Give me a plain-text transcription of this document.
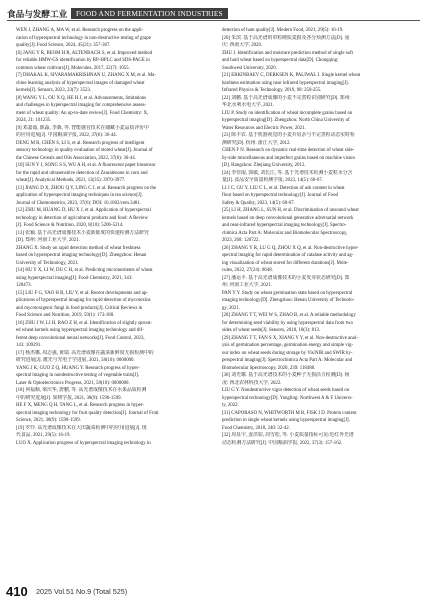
食品与发酵工业	FOOD AND FERMENTATION INDUSTRIES
WEN J, ZHANG A, MA W, et al. Research progress on the appli-
cation of hyperspectral technology in non-destructive testing of grape
quality[J]. Food Science, 2024, 45(21): 357-367.
[6] JANG Y R, BEOM H R, ALTENBACH S, et al. Improved method
for reliable HMW-GS identification by RP-HPLC and SDS-PAGE in
common wheat cultivars[J]. Molecules, 2017, 22(7): 1055.
[7] DHAKAL K, SIVARAMAKRISHNAN U, ZHANG X M, et al. Ma-
chine learning analysis of hyperspectral images of damaged wheat
kernels[J]. Sensors, 2023, 23(7): 3523.
[8] WANG Y L, OU X Q, HE H J, et al. Advancements, limitations
and challenges in hyperspectral imaging for comprehensive assess-
ment of wheat quality: An up-to-date review[J]. Food Chemistry: X,
2024, 21: 101235.
[9] 邓嘉茹, 陈淼, 李森, 等. 智能感官技术在储藏小麦品质评价中
的应用进展[J]. 中国粮油学报, 2022, 37(6): 36-44.
DENG M R, CHEN S, LI S, et al. Research progress of intelligent
sensory technology in quality evaluation of stored wheat[J]. Journal of
the Chinese Cereals and Oils Association, 2022, 37(6): 36-44.
[10] SUN Y J, SONG S S, WU A H, et al. A fluorescent paper biosensor
for the rapid and ultrasensitive detection of Zearalenone in corn and
wheat[J]. Analytical Methods, 2021, 13(35): 3970-3977.
[11] JIANG D X, ZHOU Q Y, LING C J, et al. Research progress on the
application of hyperspectral imaging techniques in tea science[J].
Journal of Chemometrics, 2023, 37(6): DOI: 10.1002/cem.3481.
[12] ZHU M, HUANG D, HU X J, et al. Application of hyperspectral
technology in detection of agricultural products and food: A Review
[J]. Food Science & Nutrition, 2020, 8(10): 5206-5214.
[13] 张颖. 基于高光谱成像技术小麦新陈度的快速检测方法研究
[D]. 郑州: 河南工业大学, 2021.
ZHANG X. Study on rapid detection method of wheat freshness
based on hyperspectral imaging technology[D]. Zhengzhou: Henan
University of Technology, 2021.
[14] HU Y X, LI W, DU C H, et al. Predicting micronutrients of wheat
using hyperspectral imaging[J]. Food Chemistry, 2021, 343:
128473.
[15] LIU F G, YAO H B, LIU Y, et al. Recent developments and ap-
plications of hyperspectral imaging for rapid detection of mycotoxins
and mycotoxigenic fungi in food products[J]. Critical Reviews in
Food Science and Nutrition, 2019, 59(1): 173-180.
[16] ZHU J W, LI H, RAO Z H, et al. Identification of slightly sprout-
ed wheat kernels using hyperspectral imaging technology and dif-
ferent deep convolutional neural networks[J]. Food Control, 2023,
143: 109291.
[17] 杨杰娜, 周志强, 黄瑞. 高光谱成像在蔬菜新鲜度无损检测中的
研究进展[J]. 激光与光电子学进展, 2021, 58(10): 0000000.
YANG J K, GUO Z Q, HUANG Y. Research progress of hyper-
spectral imaging in nondestructive testing of vegetable traits[J].
Laser & Optoelectronics Progress, 2021, 58(10): 0000000.
[18] 何福顺, 梁庆华, 唐鹏, 等. 高光谱成像技术在水果品质检测
中的研究进展[J]. 果树学报, 2021, 38(9): 1590-1599.
HE F X, MENG Q H, TANG L, et al. Research progress in hyper-
spectral imaging technology for fruit quality detection[J]. Journal of Fruit
Science, 2021, 38(9): 1590-1599.
[19] 罗玲. 高光谱成像技术在大田蔬菜检测中的应用进展[J]. 现
代食品, 2021, 29(5): 16-19.
LUO X. Application progress of hyperspectral imaging technology in
detection of ham quality[J]. Modern Food, 2021, 29(5): 16-19.
[20] 朱滨. 基于高光谱的单粒硬质麦损及各分预测方法[D]. 重
庆: 西南大学, 2020.
ZHU J. Identification and moisture prediction method of single soft
and hard wheat based on hyperspectral data[D]. Chongqing:
Southwest University, 2020.
[21] ERKINBAEV C, DERKSEN K, PALIWAL J. Single kernel wheat
hardness estimation using near infrared hyperspectral imaging[J].
Infrared Physics & Technology, 2019, 98: 250-255.
[22] 刘鹏. 基于高光谱成像的小麦不完善粒识别研究[D]. 郑州:
华北水利水电大学, 2021.
LIU P. Study on identification of wheat incomplete grains based on
hyperspectral imaging[D]. Zhengzhou: North China University of
Water Resources and Electric Power, 2021.
[23] 陈丰农. 基于机器视觉的小麦并肩杂与不完善粒动态实时检
测研究[D]. 杭州: 浙江大学, 2012.
CHEN F N. Research on dynamic real-time detection of wheat side-
by-side miscellaneous and imperfect grains based on machine vision
[D]. Hangzhou: Zhejiang University, 2012.
[24] 李佳琨, 郭敏, 刘长江, 等. 基于光谱技术检测小麦粒水分含
量[J]. 食品安全质量检测学报, 2023, 14(5): 60-67.
LI J C, GU Y, LIU C L, et al. Detection of ash content in wheat
flour based on hyperspectral technology[J]. Journal of Food
Safety & Quality, 2023, 14(5): 60-67.
[25] LI H, ZHANG L, SUN H, et al. Discrimination of unsound wheat
kernels based on deep convolutional generative adversarial network
and near-infrared hyperspectral imaging technology[J]. Spectro-
chimica Acta Part A: Molecular and Biomolecular Spectroscopy,
2023, 268: 120722.
[26] ZHANG Y R, LU G Q, ZHOU X Q, et al. Non-destructive hyper-
spectral imaging for rapid determination of catalase activity and ag-
ing visualization of wheat stored for different durations[J]. Mole-
cules, 2022, 27(24): 8648.
[27] 潘运平. 基于高光谱成像技术的小麦发芽状态研究[D]. 郑
州: 河南工业大学, 2021.
PAN Y Y. Study on wheat germination state based on hyperspectral
imaging technology[D]. Zhengzhou: Henan University of Technolo-
gy, 2021.
[28] ZHANG T T, WEI W S, ZHAO B, et al. A reliable methodology
for determining seed viability by using hyperspectral data from two
sides of wheat seeds[J]. Sensors, 2018, 18(3): 813.
[29] ZHANG T T, FAN S X, XIANG Y Y, et al. Non-destructive anal-
ysis of germination percentage, germination energy and simple vig-
our index on wheat seeds during storage by Vis/NIR and SWIR hy-
perspectral imaging[J]. Spectrochimica Acta Part A: Molecular and
Biomolecular Spectroscopy, 2020, 239: 118488.
[30] 刘光耀. 基于高光谱技术的小麦种子无损活力检测[D]. 杨
凌: 西北农林科技大学, 2022.
LIU G Y. Nondestructive vigor detection of wheat seeds based on
hyperspectral technology[D]. Yangling: Northwest A & F Universi-
ty, 2022.
[31] CAPORASO N, WHITWORTH M B, FISK I D. Protein content
prediction in single wheat kernels using hyperspectral imaging[J].
Food Chemistry, 2018, 240: 32-42.
[32] 周显宇, 姜洪如, 周雪松, 等. 小麦质量指标可见/近红外光谱
动态检测方法研究[J]. 中国粮油学报, 2022, 37(3): 157-162.
410 2025 Vol.51 No.9 (Total 525)
